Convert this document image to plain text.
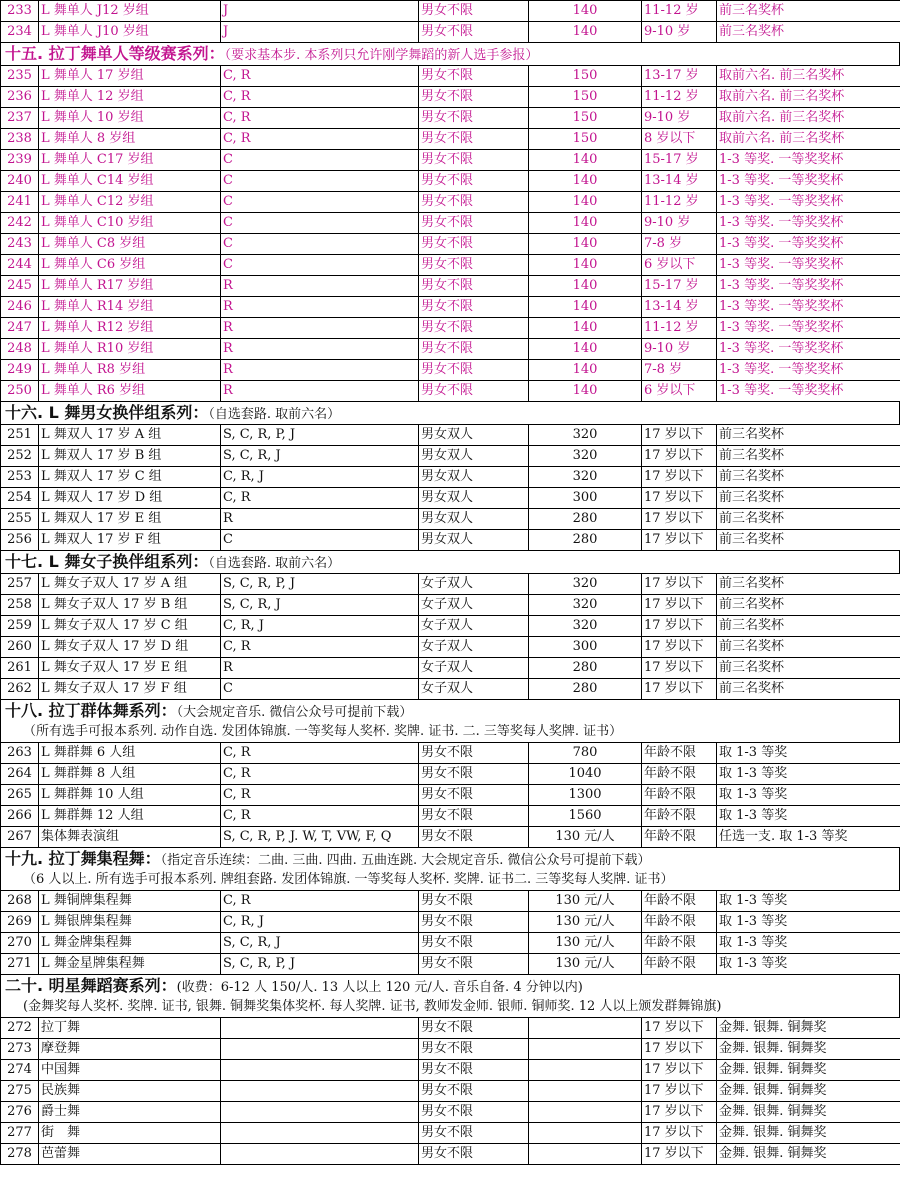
233	L 舞单人 J12 岁组	J	男女不限	140	11-12 岁	前三名奖杯
234	L 舞单人 J10 岁组	J	男女不限	140	9-10 岁	前三名奖杯
十五. 拉丁舞单人等级赛系列：（要求基本步. 本系列只允许刚学舞蹈的新人选手参报）
235	L 舞单人 17 岁组	C, R	男女不限	150	13-17 岁	取前六名. 前三名奖杯
236	L 舞单人 12 岁组	C, R	男女不限	150	11-12 岁	取前六名. 前三名奖杯
237	L 舞单人 10 岁组	C, R	男女不限	150	9-10 岁	取前六名. 前三名奖杯
238	L 舞单人 8 岁组	C, R	男女不限	150	8 岁以下	取前六名. 前三名奖杯
239	L 舞单人 C17 岁组	C	男女不限	140	15-17 岁	1-3 等奖. 一等奖奖杯
240	L 舞单人 C14 岁组	C	男女不限	140	13-14 岁	1-3 等奖. 一等奖奖杯
241	L 舞单人 C12 岁组	C	男女不限	140	11-12 岁	1-3 等奖. 一等奖奖杯
242	L 舞单人 C10 岁组	C	男女不限	140	9-10 岁	1-3 等奖. 一等奖奖杯
243	L 舞单人 C8 岁组	C	男女不限	140	7-8 岁	1-3 等奖. 一等奖奖杯
244	L 舞单人 C6 岁组	C	男女不限	140	6 岁以下	1-3 等奖. 一等奖奖杯
245	L 舞单人 R17 岁组	R	男女不限	140	15-17 岁	1-3 等奖. 一等奖奖杯
246	L 舞单人 R14 岁组	R	男女不限	140	13-14 岁	1-3 等奖. 一等奖奖杯
247	L 舞单人 R12 岁组	R	男女不限	140	11-12 岁	1-3 等奖. 一等奖奖杯
248	L 舞单人 R10 岁组	R	男女不限	140	9-10 岁	1-3 等奖. 一等奖奖杯
249	L 舞单人 R8 岁组	R	男女不限	140	7-8 岁	1-3 等奖. 一等奖奖杯
250	L 舞单人 R6 岁组	R	男女不限	140	6 岁以下	1-3 等奖. 一等奖奖杯
十六. L 舞男女换伴组系列：（自选套路. 取前六名）
251	L 舞双人 17 岁 A 组	S, C, R, P, J	男女双人	320	17 岁以下	前三名奖杯
252	L 舞双人 17 岁 B 组	S, C, R, J	男女双人	320	17 岁以下	前三名奖杯
253	L 舞双人 17 岁 C 组	C, R, J	男女双人	320	17 岁以下	前三名奖杯
254	L 舞双人 17 岁 D 组	C, R	男女双人	300	17 岁以下	前三名奖杯
255	L 舞双人 17 岁 E 组	R	男女双人	280	17 岁以下	前三名奖杯
256	L 舞双人 17 岁 F 组	C	男女双人	280	17 岁以下	前三名奖杯
十七. L 舞女子换伴组系列：（自选套路. 取前六名）
257	L 舞女子双人 17 岁 A 组	S, C, R, P, J	女子双人	320	17 岁以下	前三名奖杯
258	L 舞女子双人 17 岁 B 组	S, C, R, J	女子双人	320	17 岁以下	前三名奖杯
259	L 舞女子双人 17 岁 C 组	C, R, J	女子双人	320	17 岁以下	前三名奖杯
260	L 舞女子双人 17 岁 D 组	C, R	女子双人	300	17 岁以下	前三名奖杯
261	L 舞女子双人 17 岁 E 组	R	女子双人	280	17 岁以下	前三名奖杯
262	L 舞女子双人 17 岁 F 组	C	女子双人	280	17 岁以下	前三名奖杯
十八. 拉丁群体舞系列：（大会规定音乐. 微信公众号可提前下载）
（所有选手可报本系列. 动作自选. 发团体锦旗. 一等奖每人奖杯. 奖牌. 证书. 二. 三等奖每人奖牌. 证书）
263	L 舞群舞 6 人组	C, R	男女不限	780	年龄不限	取 1-3 等奖
264	L 舞群舞 8 人组	C, R	男女不限	1040	年龄不限	取 1-3 等奖
265	L 舞群舞 10 人组	C, R	男女不限	1300	年龄不限	取 1-3 等奖
266	L 舞群舞 12 人组	C, R	男女不限	1560	年龄不限	取 1-3 等奖
267	集体舞表演组	S, C, R, P, J. W, T, VW, F, Q	男女不限	130 元/人	年龄不限	任选一支. 取 1-3 等奖
十九. 拉丁舞集程舞：（指定音乐连续：二曲. 三曲. 四曲. 五曲连跳. 大会规定音乐. 微信公众号可提前下载）
（6 人以上. 所有选手可报本系列. 牌组套路. 发团体锦旗. 一等奖每人奖杯. 奖牌. 证书二. 三等奖每人奖牌. 证书）
268	L 舞铜牌集程舞	C, R	男女不限	130 元/人	年龄不限	取 1-3 等奖
269	L 舞银牌集程舞	C, R, J	男女不限	130 元/人	年龄不限	取 1-3 等奖
270	L 舞金牌集程舞	S, C, R, J	男女不限	130 元/人	年龄不限	取 1-3 等奖
271	L 舞金星牌集程舞	S, C, R, P, J	男女不限	130 元/人	年龄不限	取 1-3 等奖
二十. 明星舞蹈赛系列：(收费：6-12 人 150/人. 13 人以上 120 元/人. 音乐自备. 4 分钟以内)
(金舞奖每人奖杯. 奖牌. 证书, 银舞. 铜舞奖集体奖杯. 每人奖牌. 证书, 教师发金师. 银师. 铜师奖. 12 人以上颁发群舞锦旗)
272	拉丁舞		男女不限		17 岁以下	金舞. 银舞. 铜舞奖
273	摩登舞		男女不限		17 岁以下	金舞. 银舞. 铜舞奖
274	中国舞		男女不限		17 岁以下	金舞. 银舞. 铜舞奖
275	民族舞		男女不限		17 岁以下	金舞. 银舞. 铜舞奖
276	爵士舞		男女不限		17 岁以下	金舞. 银舞. 铜舞奖
277	街　舞		男女不限		17 岁以下	金舞. 银舞. 铜舞奖
278	芭蕾舞		男女不限		17 岁以下	金舞. 银舞. 铜舞奖
